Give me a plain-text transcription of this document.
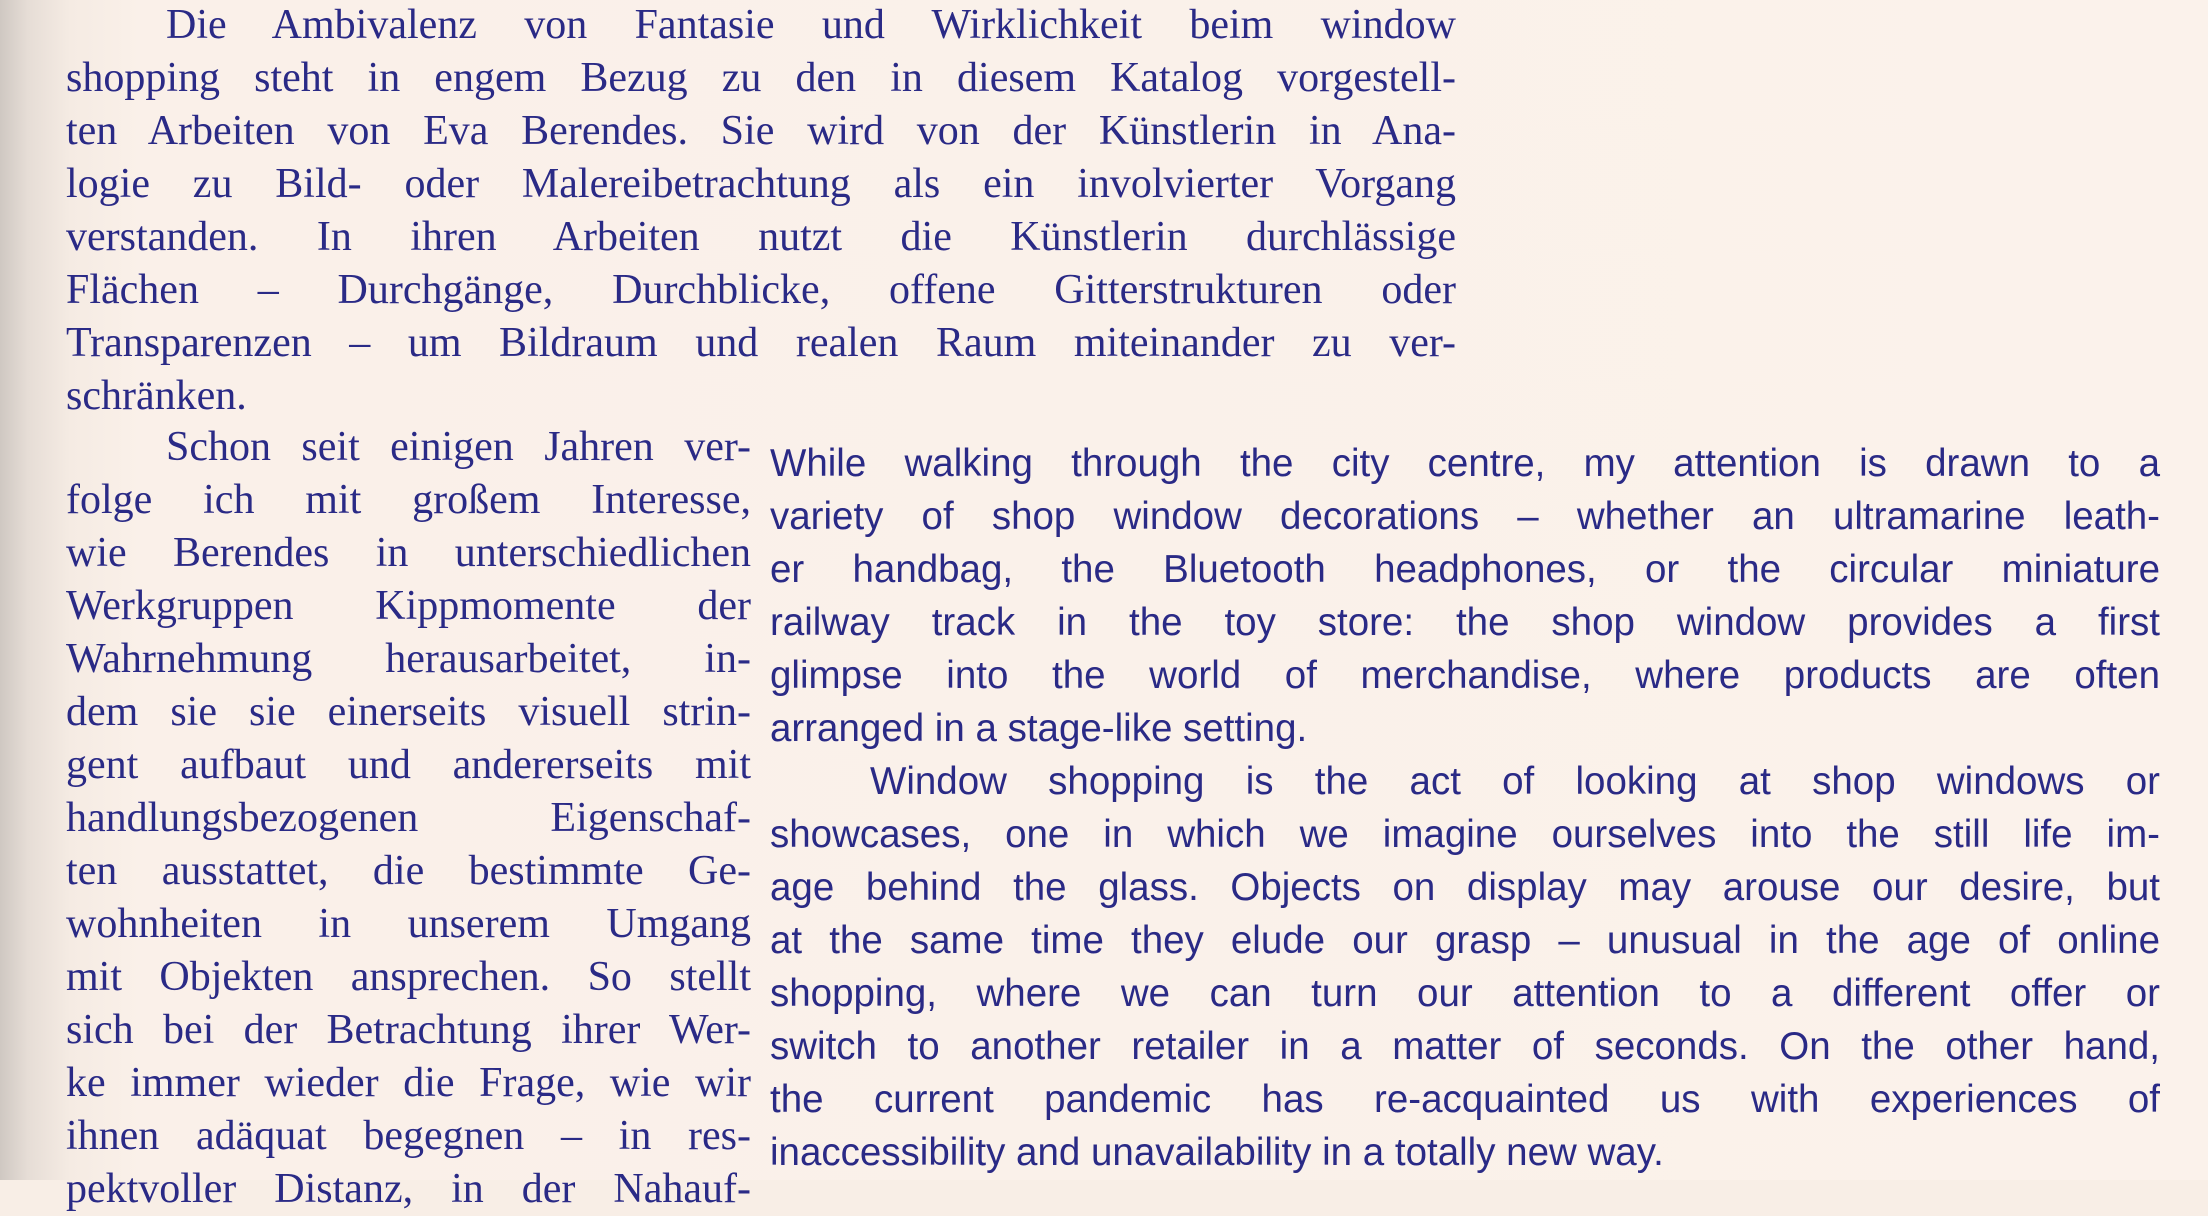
Die Ambivalenz von Fantasie und Wirklichkeit beim window
shopping steht in engem Bezug zu den in diesem Katalog vorgestell-
ten Arbeiten von Eva Berendes. Sie wird von der Künstlerin in Ana-
logie zu Bild- oder Malereibetrachtung als ein involvierter Vorgang
verstanden. In ihren Arbeiten nutzt die Künstlerin durchlässige
Flächen – Durchgänge, Durchblicke, offene Gitterstrukturen oder
Transparenzen – um Bildraum und realen Raum miteinander zu ver-
schränken.
Schon seit einigen Jahren ver-
folge ich mit großem Interesse,
wie Berendes in unterschiedlichen
Werkgruppen Kippmomente der
Wahrnehmung herausarbeitet, in-
dem sie sie einerseits visuell strin-
gent aufbaut und andererseits mit
handlungsbezogenen Eigenschaf-
ten ausstattet, die bestimmte Ge-
wohnheiten in unserem Umgang
mit Objekten ansprechen. So stellt
sich bei der Betrachtung ihrer Wer-
ke immer wieder die Frage, wie wir
ihnen adäquat begegnen – in res-
pektvoller Distanz, in der Nahauf-
While walking through the city centre, my attention is drawn to a
variety of shop window decorations – whether an ultramarine leath-
er handbag, the Bluetooth headphones, or the circular miniature
railway track in the toy store: the shop window provides a first
glimpse into the world of merchandise, where products are often
arranged in a stage-like setting.
Window shopping is the act of looking at shop windows or
showcases, one in which we imagine ourselves into the still life im-
age behind the glass. Objects on display may arouse our desire, but
at the same time they elude our grasp – unusual in the age of online
shopping, where we can turn our attention to a different offer or
switch to another retailer in a matter of seconds. On the other hand,
the current pandemic has re-acquainted us with experiences of
inaccessibility and unavailability in a totally new way.
